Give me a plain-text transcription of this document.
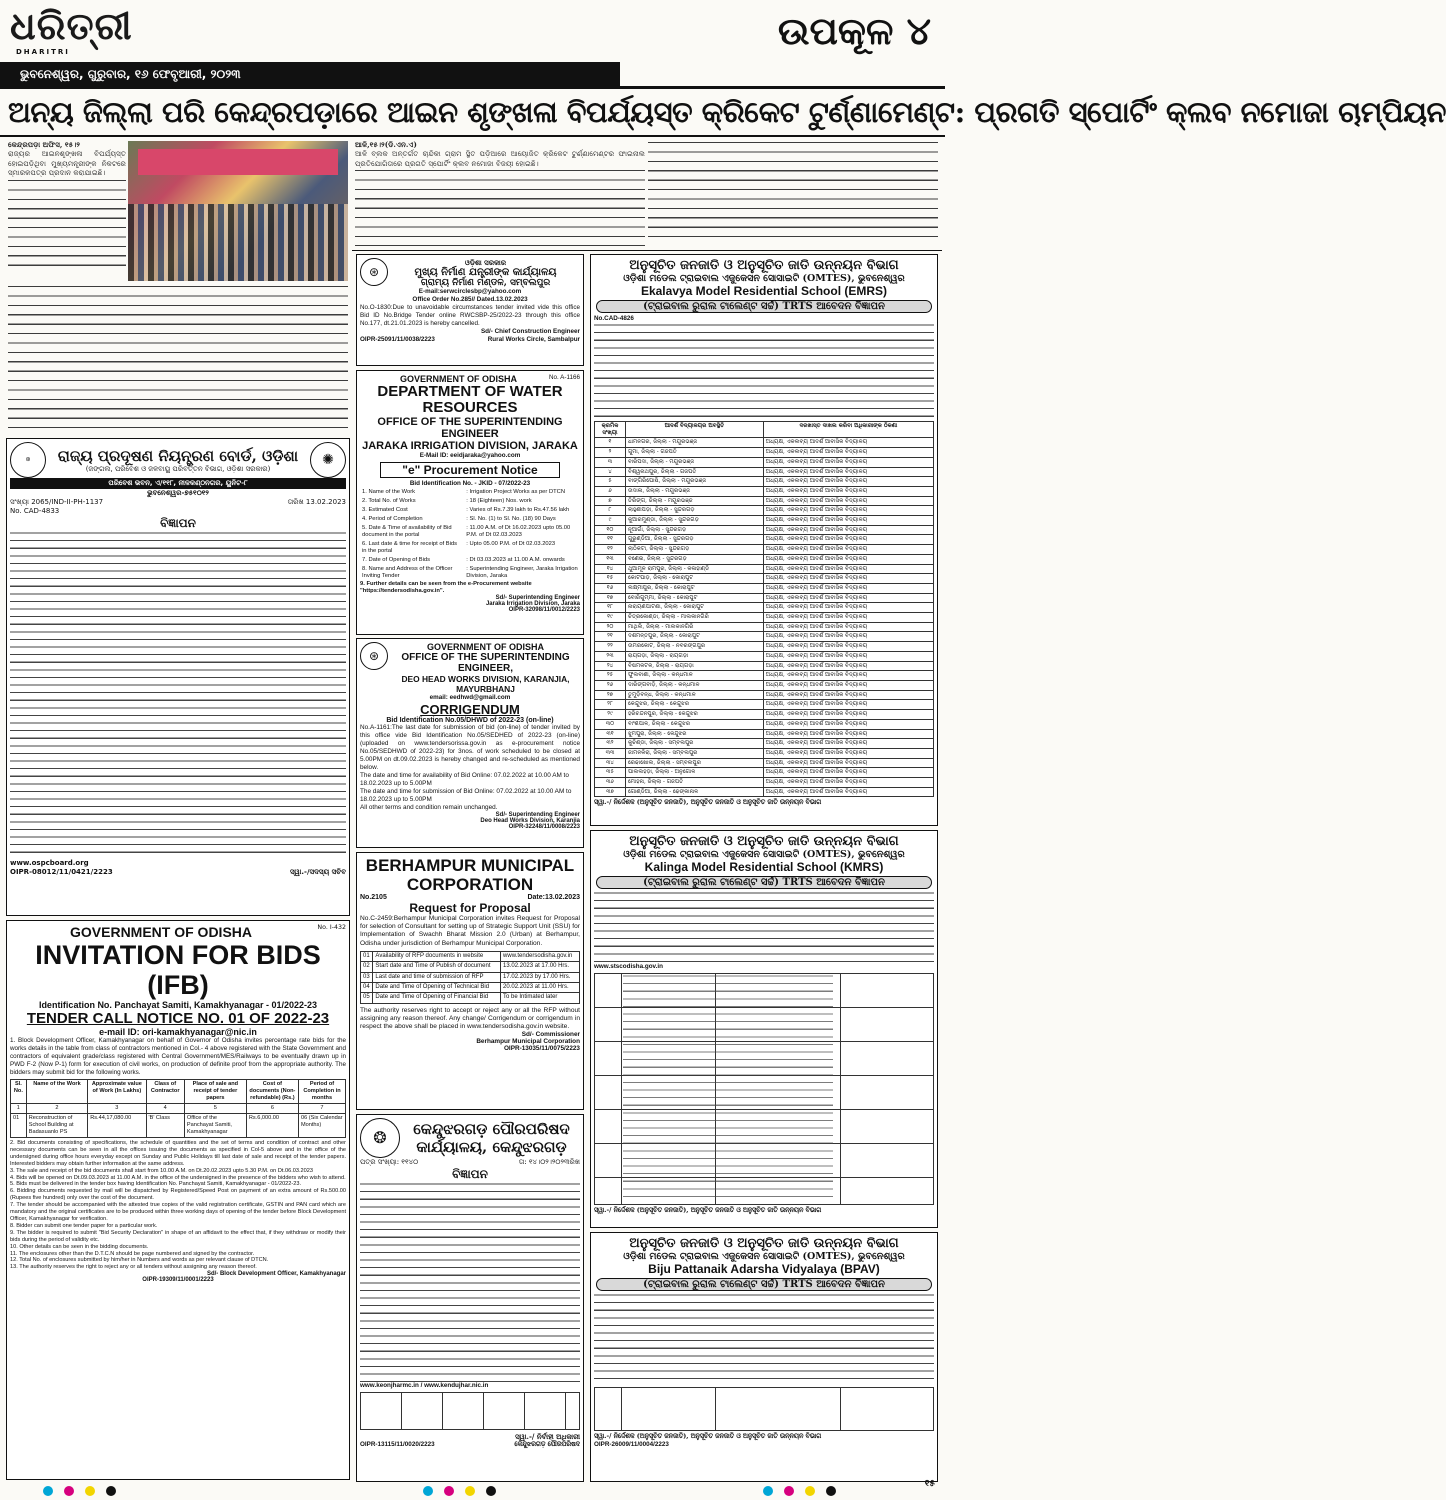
ଧରିତ୍ରୀ
DHARITRI	ଉପକୂଳ ୪
ଭୁବନେଶ୍ୱର, ଗୁରୁବାର, ୧୬ ଫେବୃଆରୀ, ୨୦୨୩
ଅନ୍ୟ ଜିଲ୍ଲା ପରି କେନ୍ଦ୍ରପଡ଼ାରେ ଆଇନ ଶୃଙ୍ଖଳା ବିପର୍ଯ୍ୟସ୍ତ କ୍ରିକେଟ ଟୁର୍ଣ୍ଣାମେଣ୍ଟ: ପ୍ରଗତି ସ୍ପୋର୍ଟିଂ କ୍ଲବ ନମୋଜା ଚାମ୍ପିୟନ
କେନ୍ଦ୍ରପଡ଼ା ଅଫିସ, ୧୫।୨
ରାଜ୍ୟର ଆଇନଶୃଙ୍ଖଳା ବିପର୍ଯ୍ୟସ୍ତ ହୋଇପଡ଼ିଥିବା ମୁଖ୍ୟମନ୍ତ୍ରୀଙ୍କ ନିକଟରେ ସ୍ମାରକପତ୍ର ପ୍ରଦାନ କରାଯାଇଛି।
ଆଳି,୧୫।୨(ଡି.ଏନ.ଏ)
ଆଳି ବ୍ଲକ ଅନ୍ତର୍ଗତ ଚାନ୍ଦିକା ଗ୍ରାମ ସ୍ଥିତ ପଡ଼ିଆରେ ଆୟୋଜିତ କ୍ରିକେଟ ଟୁର୍ଣ୍ଣାମେଣ୍ଟର ଫାଇନାଲ ପ୍ରତିଯୋଗିତାରେ ପ୍ରଗତି ସ୍ପୋର୍ଟିଂ କ୍ଲବ ନମୋଜା ବିଜୟୀ ହୋଇଛି।
⊛	ରାଜ୍ୟ ପ୍ରଦୂଷଣ ନିୟନ୍ତ୍ରଣ ବୋର୍ଡ, ଓଡ଼ିଶା
(ଜଙ୍ଗଲ, ପରିବେଶ ଓ ଜଳବାୟୁ ପରିବର୍ତ୍ତନ ବିଭାଗ, ଓଡ଼ିଶା ସରକାର)
✺
ପରିବେଶ ଭବନ, ଏ/୧୧୮, ନୀଳକଣ୍ଠନଗର, ୟୁନିଟ-୮
ଭୁବନେଶ୍ୱର-୭୫୧୦୧୨
ସଂଖ୍ୟା 2065/IND-II-PH-1137	ତାରିଖ 13.02.2023
No. CAD-4833
ବିଜ୍ଞାପନ
www.ospcboard.org
OIPR-08012/11/0421/2223	ସ୍ୱା.-/ସଦସ୍ୟ ସଚିବ
GOVERNMENT OF ODISHA	No. I-432
INVITATION FOR BIDS (IFB)
Identification No. Panchayat Samiti, Kamakhyanagar - 01/2022-23
TENDER CALL NOTICE NO. 01 OF 2022-23
e-mail ID: ori-kamakhyanagar@nic.in
1. Block Development Officer, Kamakhyanagar on behalf of Governor of Odisha invites percentage rate bids for the works details in the table from class of contractors mentioned in Col.- 4 above registered with the State Government and contractors of equivalent grade/class registered with Central Government/MES/Railways to be eventually drawn up in PWD F-2 (Now P-1) form for execution of civil works, on production of definite proof from the appropriate authority. The bidders may submit bid for the following works.
Sl. No.	Name of the Work	Approximate value of Work (In Lakhs)	Class of Contractor	Place of sale and receipt of tender papers	Cost of documents (Non-refundable) (Rs.)	Period of Completion in months
1	2	3	4	5	6	7
01	Reconstruction of School Building at Badasuanlo PS	Rs.44,17,080.00	'B' Class	Office of the Panchayat Samiti, Kamakhyanagar	Rs.6,000.00	06 (Six Calendar Months)
2. Bid documents consisting of specifications, the schedule of quantities and the set of terms and condition of contract and other necessary documents can be seen in all the offices issuing the documents as specified in Col-5 above and in the office of the undersigned during office hours everyday except on Sunday and Public Holidays till last date of sale and receipt of the tender papers. Interested bidders may obtain further information at the same address.
3. The sale and receipt of the bid documents shall start from 10.00 A.M. on Dt.20.02.2023 upto 5.30 P.M. on Dt.06.03.2023
4. Bids will be opened on Dt.09.03.2023 at 11.00 A.M. in the office of the undersigned in the presence of the bidders who wish to attend.
5. Bids must be delivered in the tender box having Identification No. Panchayat Samiti, Kamakhyanagar - 01/2022-23.
6. Bidding documents requested by mail will be dispatched by Registered/Speed Post on payment of an extra amount of Rs.500.00 (Rupees five hundred) only over the cost of the document.
7. The tender should be accompanied with the attested true copies of the valid registration certificate, GSTIN and PAN card which are mandatory and the original certificates are to be produced within three working days of opening of the tender before Block Development Officer, Kamakhyanagar for verification.
8. Bidder can submit one tender paper for a particular work.
9. The bidder is required to submit "Bid Security Declaration" in shape of an affidavit to the effect that, if they withdraw or modify their bids during the period of validity etc.
10. Other details can be seen in the bidding documents.
11. The enclosures other than the D.T.C.N should be page numbered and signed by the contractor.
12. Total No. of enclosures submitted by him/her in Numbers and words as per relevant clause of DTCN.
13. The authority reserves the right to reject any or all tenders without assigning any reason thereof.
Sd/- Block Development Officer, Kamakhyanagar
OIPR-19309/11/0001/2223
⊛
ଓଡ଼ିଶା ସରକାର
ମୁଖ୍ୟ ନିର୍ମାଣ ଯନ୍ତ୍ରୀଙ୍କ କାର୍ଯ୍ୟାଳୟ
ଗ୍ରାମ୍ୟ ନିର୍ମାଣ ମଣ୍ଡଳ, ସମ୍ବଲପୁର
E-mail:serwcirclesbp@yahoo.com
Office Order No.285// Dated.13.02.2023
No.O-1830:Due to unavoidable circumstances tender invited vide this office Bid ID No.Bridge Tender online RWCSBP-25/2022-23 through this office No.177, dt.21.01.2023 is hereby cancelled.
Sd/- Chief Construction Engineer
OIPR-25091/11/0038/2223	Rural Works Circle, Sambalpur
GOVERNMENT OF ODISHA	No. A-1166
DEPARTMENT OF WATER RESOURCES
OFFICE OF THE SUPERINTENDING ENGINEER
JARAKA IRRIGATION DIVISION, JARAKA
E-Mail ID: eeidjaraka@yahoo.com
"e" Procurement Notice
Bid Identification No. - JKID - 07/2022-23
1. Name of the Work	: Irrigation Project Works as per DTCN
2. Total No. of Works	: 18 (Eighteen) Nos. work
3. Estimated Cost	: Varies of Rs.7.39 lakh to Rs.47.56 lakh
4. Period of Completion	: Sl. No. (1) to Sl. No. (18) 90 Days
5. Date & Time of availability of Bid document in the portal	: 11.00 A.M. of Dt 16.02.2023 upto 05.00 P.M. of Dt 02.03.2023
6. Last date & time for receipt of Bids in the portal	: Upto 05.00 P.M. of Dt 02.03.2023
7. Date of Opening of Bids	: Dt 03.03.2023 at 11.00 A.M. onwards
8. Name and Address of the Officer Inviting Tender	: Superintending Engineer, Jaraka Irrigation Division, Jaraka
9. Further details can be seen from the e-Procurement website "https://tendersodisha.gov.in".
Sd/- Superintending Engineer
Jaraka Irrigation Division, Jaraka
OIPR-32098/11/0012/2223
⊛
GOVERNMENT OF ODISHA
OFFICE OF THE SUPERINTENDING ENGINEER,
DEO HEAD WORKS DIVISION, KARANJIA, MAYURBHANJ
email: eedhwd@gmail.com
CORRIGENDUM
Bid Identification No.05/DHWD of 2022-23 (on-line)
No.A-1161:The last date for submission of bid (on-line) of tender invited by this office vide Bid Identification No.05/SEDHED of 2022-23 (on-line) (uploaded on www.tendersorissa.gov.in as e-procurement notice No.05/SEDHWD of 2022-23) for 3nos. of work scheduled to be closed at 5.00PM on dt.09.02.2023 is hereby changed and re-scheduled as mentioned below.
The date and time for availability of Bid Online: 07.02.2022 at 10.00 AM to 18.02.2023 up to 5.00PM
The date and time for submission of Bid Online: 07.02.2022 at 10.00 AM to 18.02.2023 up to 5.00PM
All other terms and condition remain unchanged.
Sd/- Superintending Engineer
Deo Head Works Division, Karanjia
OIPR-32248/11/0008/2223
BERHAMPUR MUNICIPAL CORPORATION
No.2105	Date:13.02.2023
Request for Proposal
No.C-2459:Berhampur Municipal Corporation invites Request for Proposal for selection of Consultant for setting up of Strategic Support Unit (SSU) for Implementation of Swachh Bharat Mission 2.0 (Urban) at Berhampur, Odisha under jurisdiction of Berhampur Municipal Corporation.
01	Availability of RFP documents in website	www.tendersodisha.gov.in
02	Start date and Time of Publish of document	13.02.2023 at 17.00 Hrs.
03	Last date and time of submission of RFP	17.02.2023 by 17.00 Hrs.
04	Date and Time of Opening of Technical Bid	20.02.2023 at 11.00 Hrs.
05	Date and Time of Opening of Financial Bid	To be Intimated later
The authority reserves right to accept or reject any or all the RFP without assigning any reason thereof. Any change/ Corrigendum or corrigendum in respect the above shall be placed in www.tendersodisha.gov.in website.
Sd/- Commissioner
Berhampur Municipal Corporation
OIPR-13035/11/0075/2223
❂	କେନ୍ଦୁଝରଗଡ଼ ପୌରପରିଷଦ
କାର୍ଯ୍ୟାଳୟ, କେନ୍ଦୁଝରଗଡ଼
ପତ୍ର ସଂଖ୍ୟା: ୧୧୪୦	ତା: ୧୪।୦୨।୨୦୨୩ରିଖ
ବିଜ୍ଞାପନ
www.keonjharmc.in / www.kendujhar.nic.in
ସ୍ୱା.-/ ନିର୍ବାହୀ ଅଧିକାରୀ
OIPR-13115/11/0020/2223	କେନ୍ଦୁଝରଗଡ଼ ପୌରପରିଷଦ
ଅନୁସୂଚିତ ଜନଜାତି ଓ ଅନୁସୂଚିତ ଜାତି ଉନ୍ନୟନ ବିଭାଗ
ଓଡ଼ିଶା ମଡେଲ ଟ୍ରାଇବାଲ ଏଜୁକେସନ ସୋସାଇଟି (OMTES), ଭୁବନେଶ୍ୱର
Ekalavya Model Residential School (EMRS)
(ଟ୍ରାଇବାଲ ରୁରାଲ ଟାଲେଣ୍ଟ ସର୍ଚ୍ଚ) TRTS ଆବେଦନ ବିଜ୍ଞାପନ
No.CAD-4826
କ୍ରମିକ ସଂଖ୍ୟା	ଆଦର୍ଶ ବିଦ୍ୟାଳୟର ଅବସ୍ଥିତି	ଦରଖାସ୍ତ ଦାଖଲ କରିବା ଅଧିକାରୀଙ୍କ ଠିକଣା
୧	ଧାମନଗର, ଜିଲ୍ଲା - ମୟୂରଭଞ୍ଜ	ଅଧ୍ୟକ୍ଷ, ଏକଲବ୍ୟ ଆଦର୍ଶ ଆବାସିକ ବିଦ୍ୟାଳୟ
୨	ଗୁମା, ଜିଲ୍ଲା - ଗଜପତି	ଅଧ୍ୟକ୍ଷ, ଏକଲବ୍ୟ ଆଦର୍ଶ ଆବାସିକ ବିଦ୍ୟାଳୟ
୩	ବାରିପଦା, ଜିଲ୍ଲା - ମୟୂରଭଞ୍ଜ	ଅଧ୍ୟକ୍ଷ, ଏକଲବ୍ୟ ଆଦର୍ଶ ଆବାସିକ ବିଦ୍ୟାଳୟ
୪	ବିଶ୍ୱନାଥପୁର, ଜିଲ୍ଲା - ଗଜପତି	ଅଧ୍ୟକ୍ଷ, ଏକଲବ୍ୟ ଆଦର୍ଶ ଆବାସିକ ବିଦ୍ୟାଳୟ
୫	ବାଙ୍ଗିରିପୋଷି, ଜିଲ୍ଲା - ମୟୂରଭଞ୍ଜ	ଅଧ୍ୟକ୍ଷ, ଏକଲବ୍ୟ ଆଦର୍ଶ ଆବାସିକ ବିଦ୍ୟାଳୟ
୬	ଉଦାଳା, ଜିଲ୍ଲା - ମୟୂରଭଞ୍ଜ	ଅଧ୍ୟକ୍ଷ, ଏକଲବ୍ୟ ଆଦର୍ଶ ଆବାସିକ ବିଦ୍ୟାଳୟ
୭	ତିରିଙ୍ଗ, ଜିଲ୍ଲା - ମୟୂରଭଞ୍ଜ	ଅଧ୍ୟକ୍ଷ, ଏକଲବ୍ୟ ଆଦର୍ଶ ଆବାସିକ ବିଦ୍ୟାଳୟ
୮	ଲାହୁଣୀପଡ଼ା, ଜିଲ୍ଲା - ସୁନ୍ଦରଗଡ଼	ଅଧ୍ୟକ୍ଷ, ଏକଲବ୍ୟ ଆଦର୍ଶ ଆବାସିକ ବିଦ୍ୟାଳୟ
୯	କୁଆରମୁଣ୍ଡା, ଜିଲ୍ଲା - ସୁନ୍ଦରଗଡ଼	ଅଧ୍ୟକ୍ଷ, ଏକଲବ୍ୟ ଆଦର୍ଶ ଆବାସିକ ବିଦ୍ୟାଳୟ
୧୦	ନୂଆଗାଁ, ଜିଲ୍ଲା - ସୁନ୍ଦରଗଡ଼	ଅଧ୍ୟକ୍ଷ, ଏକଲବ୍ୟ ଆଦର୍ଶ ଆବାସିକ ବିଦ୍ୟାଳୟ
୧୧	ଗୁରୁଣ୍ଡିଆ, ଜିଲ୍ଲା - ସୁନ୍ଦରଗଡ଼	ଅଧ୍ୟକ୍ଷ, ଏକଲବ୍ୟ ଆଦର୍ଶ ଆବାସିକ ବିଦ୍ୟାଳୟ
୧୨	ଲାଠିକଟା, ଜିଲ୍ଲା - ସୁନ୍ଦରଗଡ଼	ଅଧ୍ୟକ୍ଷ, ଏକଲବ୍ୟ ଆଦର୍ଶ ଆବାସିକ ବିଦ୍ୟାଳୟ
୧୩	ବଣେଇ, ଜିଲ୍ଲା - ସୁନ୍ଦରଗଡ଼	ଅଧ୍ୟକ୍ଷ, ଏକଲବ୍ୟ ଆଦର୍ଶ ଆବାସିକ ବିଦ୍ୟାଳୟ
୧୪	ଥୁଆମୂଳ ରାମପୁର, ଜିଲ୍ଲା - କଳାହାଣ୍ଡି	ଅଧ୍ୟକ୍ଷ, ଏକଲବ୍ୟ ଆଦର୍ଶ ଆବାସିକ ବିଦ୍ୟାଳୟ
୧୫	କୋଟପାଡ଼, ଜିଲ୍ଲା - କୋରାପୁଟ	ଅଧ୍ୟକ୍ଷ, ଏକଲବ୍ୟ ଆଦର୍ଶ ଆବାସିକ ବିଦ୍ୟାଳୟ
୧୬	ଲକ୍ଷ୍ମୀପୁର, ଜିଲ୍ଲା - କୋରାପୁଟ	ଅଧ୍ୟକ୍ଷ, ଏକଲବ୍ୟ ଆଦର୍ଶ ଆବାସିକ ବିଦ୍ୟାଳୟ
୧୭	ବୋରିଗୁମ୍ମା, ଜିଲ୍ଲା - କୋରାପୁଟ	ଅଧ୍ୟକ୍ଷ, ଏକଲବ୍ୟ ଆଦର୍ଶ ଆବାସିକ ବିଦ୍ୟାଳୟ
୧୮	ନାରାୟଣପାଟଣା, ଜିଲ୍ଲା - କୋରାପୁଟ	ଅଧ୍ୟକ୍ଷ, ଏକଲବ୍ୟ ଆଦର୍ଶ ଆବାସିକ ବିଦ୍ୟାଳୟ
୧୯	ଚିତ୍ରକୋଣ୍ଡା, ଜିଲ୍ଲା - ମାଲକାନଗିରି	ଅଧ୍ୟକ୍ଷ, ଏକଲବ୍ୟ ଆଦର୍ଶ ଆବାସିକ ବିଦ୍ୟାଳୟ
୨୦	ମାଥିଲି, ଜିଲ୍ଲା - ମାଲକାନଗିରି	ଅଧ୍ୟକ୍ଷ, ଏକଲବ୍ୟ ଆଦର୍ଶ ଆବାସିକ ବିଦ୍ୟାଳୟ
୨୧	ଦଶମନ୍ତପୁର, ଜିଲ୍ଲା - କୋରାପୁଟ	ଅଧ୍ୟକ୍ଷ, ଏକଲବ୍ୟ ଆଦର୍ଶ ଆବାସିକ ବିଦ୍ୟାଳୟ
୨୨	ଉମରକୋଟ, ଜିଲ୍ଲା - ନବରଙ୍ଗପୁର	ଅଧ୍ୟକ୍ଷ, ଏକଲବ୍ୟ ଆଦର୍ଶ ଆବାସିକ ବିଦ୍ୟାଳୟ
୨୩	ରାୟଗଡ଼ା, ଜିଲ୍ଲା - ରାୟଗଡ଼ା	ଅଧ୍ୟକ୍ଷ, ଏକଲବ୍ୟ ଆଦର୍ଶ ଆବାସିକ ବିଦ୍ୟାଳୟ
୨୪	ବିଷମକଟକ, ଜିଲ୍ଲା - ରାୟଗଡ଼ା	ଅଧ୍ୟକ୍ଷ, ଏକଲବ୍ୟ ଆଦର୍ଶ ଆବାସିକ ବିଦ୍ୟାଳୟ
୨୫	ଫୁଲବାଣୀ, ଜିଲ୍ଲା - କନ୍ଧମାଳ	ଅଧ୍ୟକ୍ଷ, ଏକଲବ୍ୟ ଆଦର୍ଶ ଆବାସିକ ବିଦ୍ୟାଳୟ
୨୬	ଦାରିଙ୍ଗବାଡ଼ି, ଜିଲ୍ଲା - କନ୍ଧମାଳ	ଅଧ୍ୟକ୍ଷ, ଏକଲବ୍ୟ ଆଦର୍ଶ ଆବାସିକ ବିଦ୍ୟାଳୟ
୨୭	ତୁମୁଡ଼ିବନ୍ଧ, ଜିଲ୍ଲା - କନ୍ଧମାଳ	ଅଧ୍ୟକ୍ଷ, ଏକଲବ୍ୟ ଆଦର୍ଶ ଆବାସିକ ବିଦ୍ୟାଳୟ
୨୮	କେନ୍ଦୁଝର, ଜିଲ୍ଲା - କେନ୍ଦୁଝର	ଅଧ୍ୟକ୍ଷ, ଏକଲବ୍ୟ ଆଦର୍ଶ ଆବାସିକ ବିଦ୍ୟାଳୟ
୨୯	ହରିଚନ୍ଦନପୁର, ଜିଲ୍ଲା - କେନ୍ଦୁଝର	ଅଧ୍ୟକ୍ଷ, ଏକଲବ୍ୟ ଆଦର୍ଶ ଆବାସିକ ବିଦ୍ୟାଳୟ
୩୦	ବାଂଶପାଳ, ଜିଲ୍ଲା - କେନ୍ଦୁଝର	ଅଧ୍ୟକ୍ଷ, ଏକଲବ୍ୟ ଆଦର୍ଶ ଆବାସିକ ବିଦ୍ୟାଳୟ
୩୧	ଝୁମପୁରା, ଜିଲ୍ଲା - କେନ୍ଦୁଝର	ଅଧ୍ୟକ୍ଷ, ଏକଲବ୍ୟ ଆଦର୍ଶ ଆବାସିକ ବିଦ୍ୟାଳୟ
୩୨	କୁଚିଣ୍ଡା, ଜିଲ୍ଲା - ସମ୍ବଲପୁର	ଅଧ୍ୟକ୍ଷ, ଏକଲବ୍ୟ ଆଦର୍ଶ ଆବାସିକ ବିଦ୍ୟାଳୟ
୩୩	ଜାମନକିରା, ଜିଲ୍ଲା - ସମ୍ବଲପୁର	ଅଧ୍ୟକ୍ଷ, ଏକଲବ୍ୟ ଆଦର୍ଶ ଆବାସିକ ବିଦ୍ୟାଳୟ
୩୪	ରେଢାଖୋଲ, ଜିଲ୍ଲା - ସମ୍ବଲପୁର	ଅଧ୍ୟକ୍ଷ, ଏକଲବ୍ୟ ଆଦର୍ଶ ଆବାସିକ ବିଦ୍ୟାଳୟ
୩୫	ପାଲଲହଡ଼ା, ଜିଲ୍ଲା - ଅନୁଗୋଳ	ଅଧ୍ୟକ୍ଷ, ଏକଲବ୍ୟ ଆଦର୍ଶ ଆବାସିକ ବିଦ୍ୟାଳୟ
୩୬	ମୋହନା, ଜିଲ୍ଲା - ଗଜପତି	ଅଧ୍ୟକ୍ଷ, ଏକଲବ୍ୟ ଆଦର୍ଶ ଆବାସିକ ବିଦ୍ୟାଳୟ
୩୭	ଗୋଣ୍ଡିଆ, ଜିଲ୍ଲା - ଢେଙ୍କାନାଳ	ଅଧ୍ୟକ୍ଷ, ଏକଲବ୍ୟ ଆଦର୍ଶ ଆବାସିକ ବିଦ୍ୟାଳୟ
ସ୍ୱା.-/ ନିର୍ଦ୍ଦେଶକ (ଅନୁସୂଚିତ ଜନଜାତି), ଅନୁସୂଚିତ ଜନଜାତି ଓ ଅନୁସୂଚିତ ଜାତି ଉନ୍ନୟନ ବିଭାଗ
ଅନୁସୂଚିତ ଜନଜାତି ଓ ଅନୁସୂଚିତ ଜାତି ଉନ୍ନୟନ ବିଭାଗ
ଓଡ଼ିଶା ମଡେଲ ଟ୍ରାଇବାଲ ଏଜୁକେସନ ସୋସାଇଟି (OMTES), ଭୁବନେଶ୍ୱର
Kalinga Model Residential School (KMRS)
(ଟ୍ରାଇବାଲ ରୁରାଲ ଟାଲେଣ୍ଟ ସର୍ଚ୍ଚ) TRTS ଆବେଦନ ବିଜ୍ଞାପନ
www.stscodisha.gov.in
ସ୍ୱା.-/ ନିର୍ଦ୍ଦେଶକ (ଅନୁସୂଚିତ ଜନଜାତି), ଅନୁସୂଚିତ ଜନଜାତି ଓ ଅନୁସୂଚିତ ଜାତି ଉନ୍ନୟନ ବିଭାଗ
ଅନୁସୂଚିତ ଜନଜାତି ଓ ଅନୁସୂଚିତ ଜାତି ଉନ୍ନୟନ ବିଭାଗ
ଓଡ଼ିଶା ମଡେଲ ଟ୍ରାଇବାଲ ଏଜୁକେସନ ସୋସାଇଟି (OMTES), ଭୁବନେଶ୍ୱର
Biju Pattanaik Adarsha Vidyalaya (BPAV)
(ଟ୍ରାଇବାଲ ରୁରାଲ ଟାଲେଣ୍ଟ ସର୍ଚ୍ଚ) TRTS ଆବେଦନ ବିଜ୍ଞାପନ
ସ୍ୱା.-/ ନିର୍ଦ୍ଦେଶକ (ଅନୁସୂଚିତ ଜନଜାତି), ଅନୁସୂଚିତ ଜନଜାତି ଓ ଅନୁସୂଚିତ ଜାତି ଉନ୍ନୟନ ବିଭାଗ
OIPR-26009/11/0004/2223

୧୫
